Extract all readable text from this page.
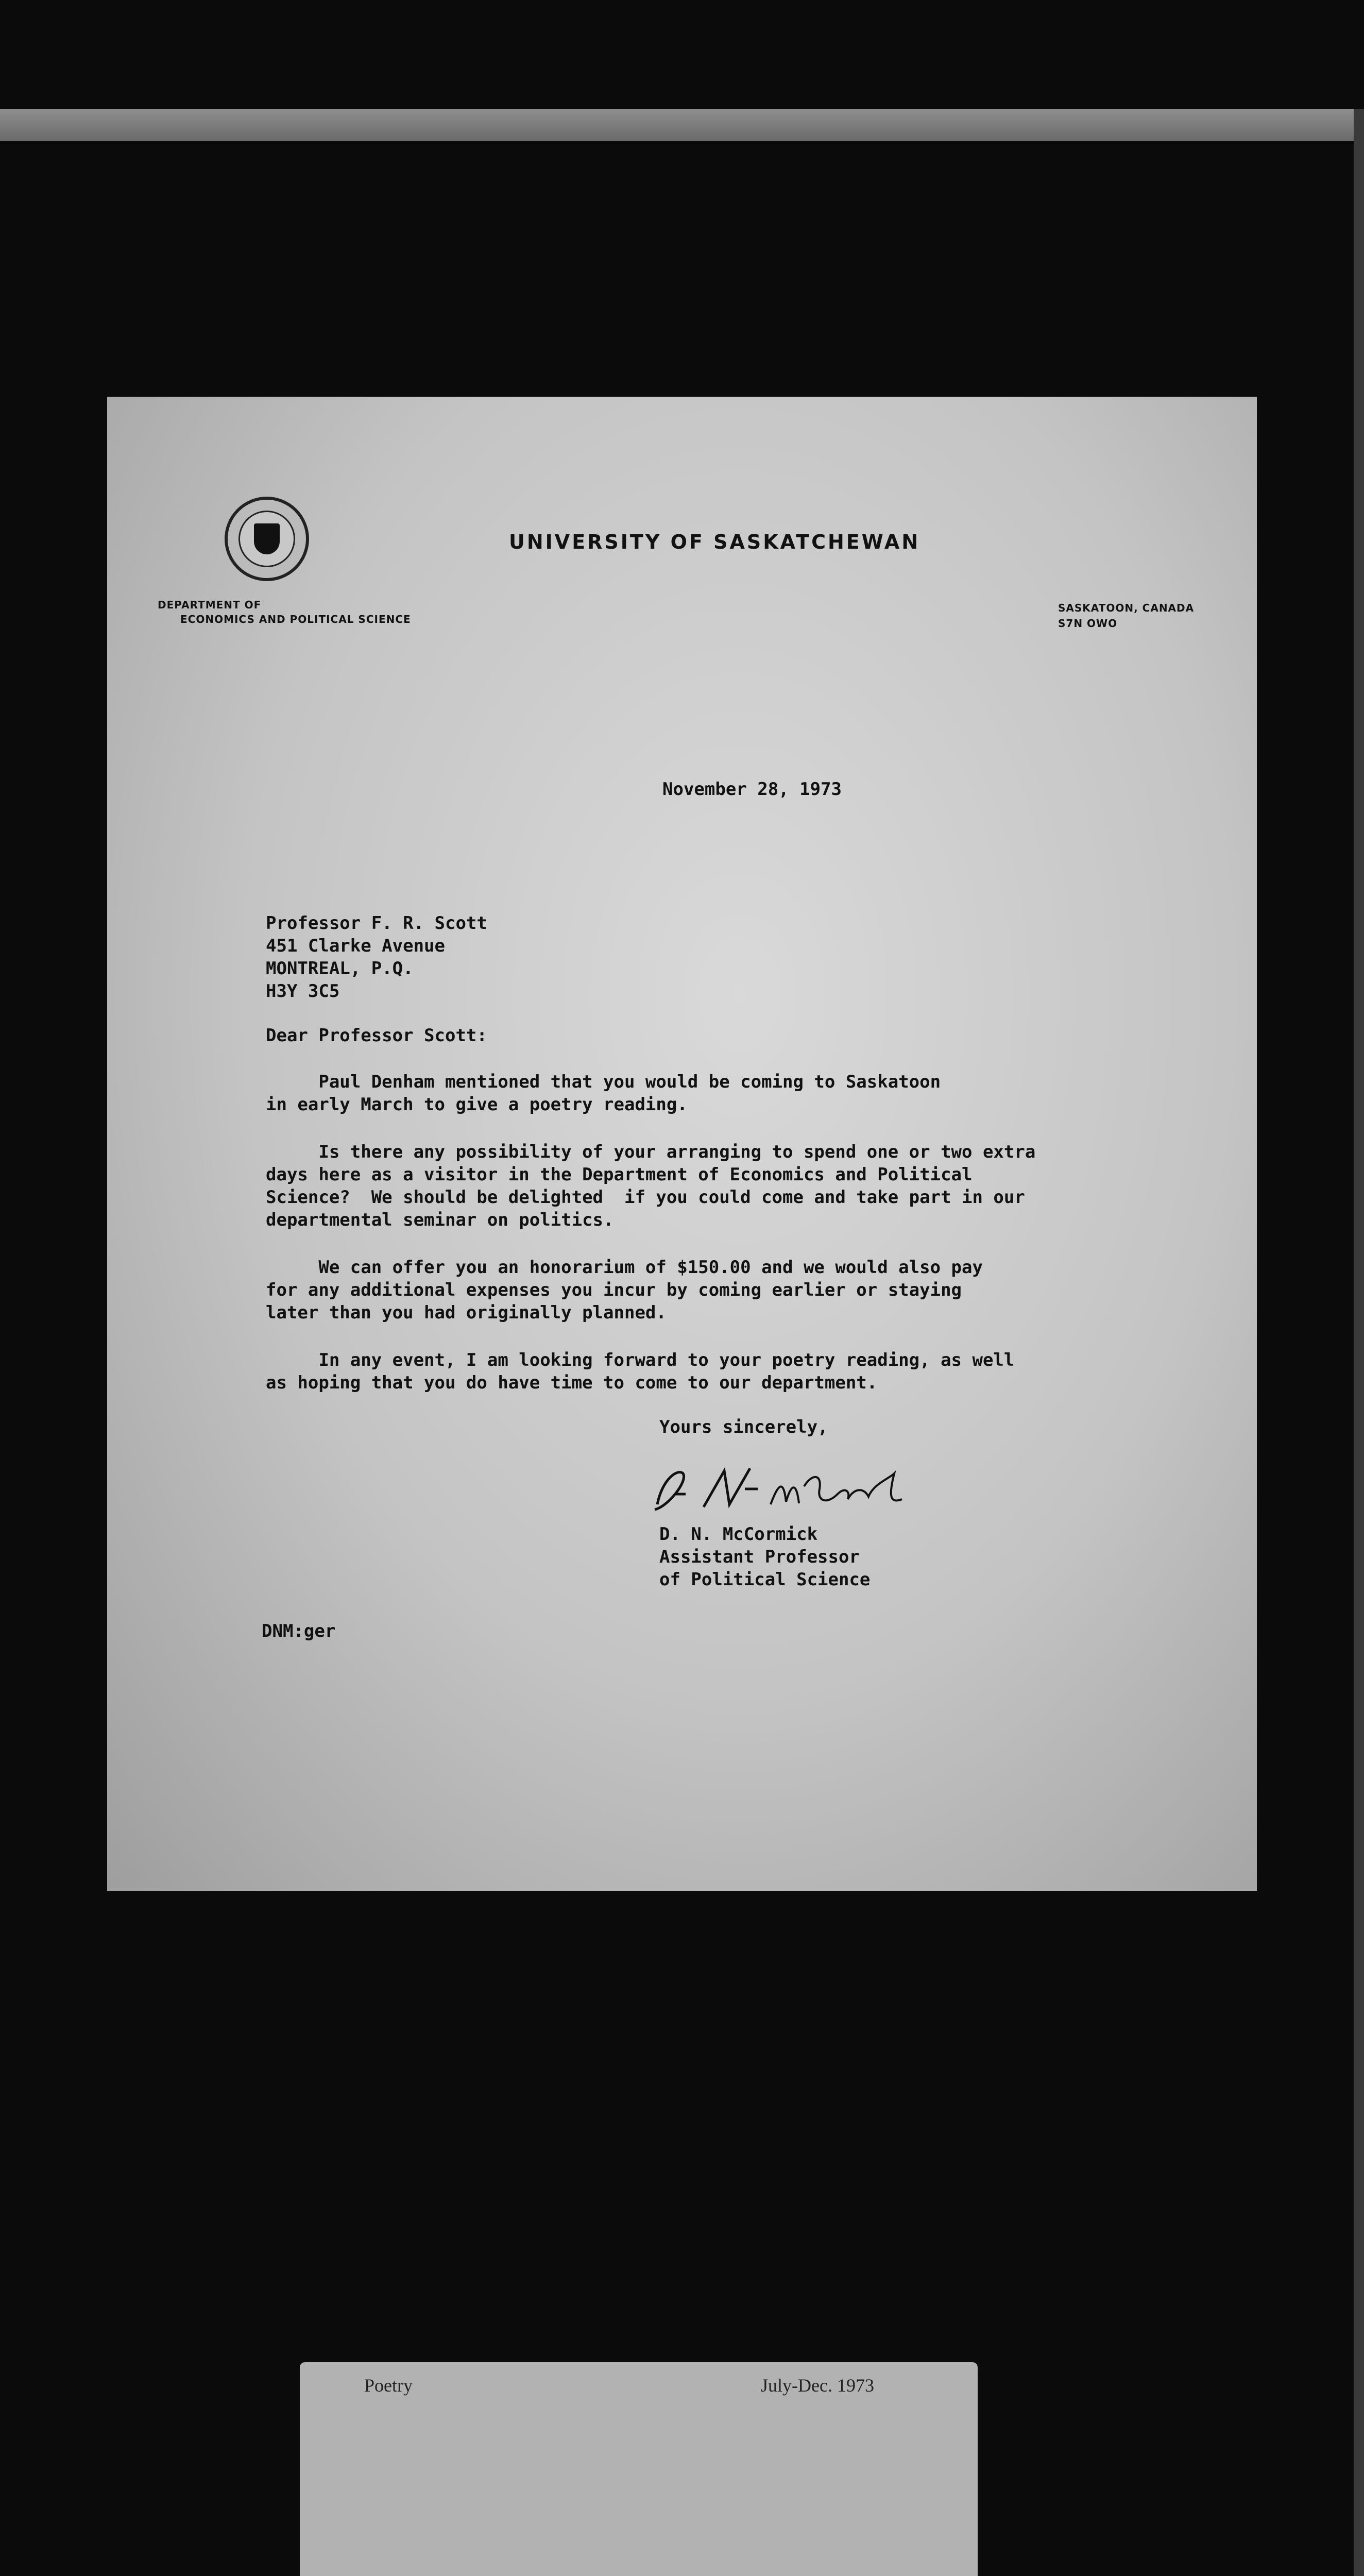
UNIVERSITY OF SASKATCHEWAN
DEPARTMENT OF
ECONOMICS AND POLITICAL SCIENCE
SASKATOON, CANADA
S7N OWO
November 28, 1973
Professor F. R. Scott
451 Clarke Avenue
MONTREAL, P.Q.
H3Y 3C5
Dear Professor Scott:
Paul Denham mentioned that you would be coming to Saskatoon
in early March to give a poetry reading.
Is there any possibility of your arranging to spend one or two extra
days here as a visitor in the Department of Economics and Political
Science?  We should be delighted  if you could come and take part in our
departmental seminar on politics.
We can offer you an honorarium of $150.00 and we would also pay
for any additional expenses you incur by coming earlier or staying
later than you had originally planned.
In any event, I am looking forward to your poetry reading, as well
as hoping that you do have time to come to our department.
Yours sincerely,
D. N. McCormick
Assistant Professor
of Political Science
DNM:ger
Poetry	July-Dec. 1973
